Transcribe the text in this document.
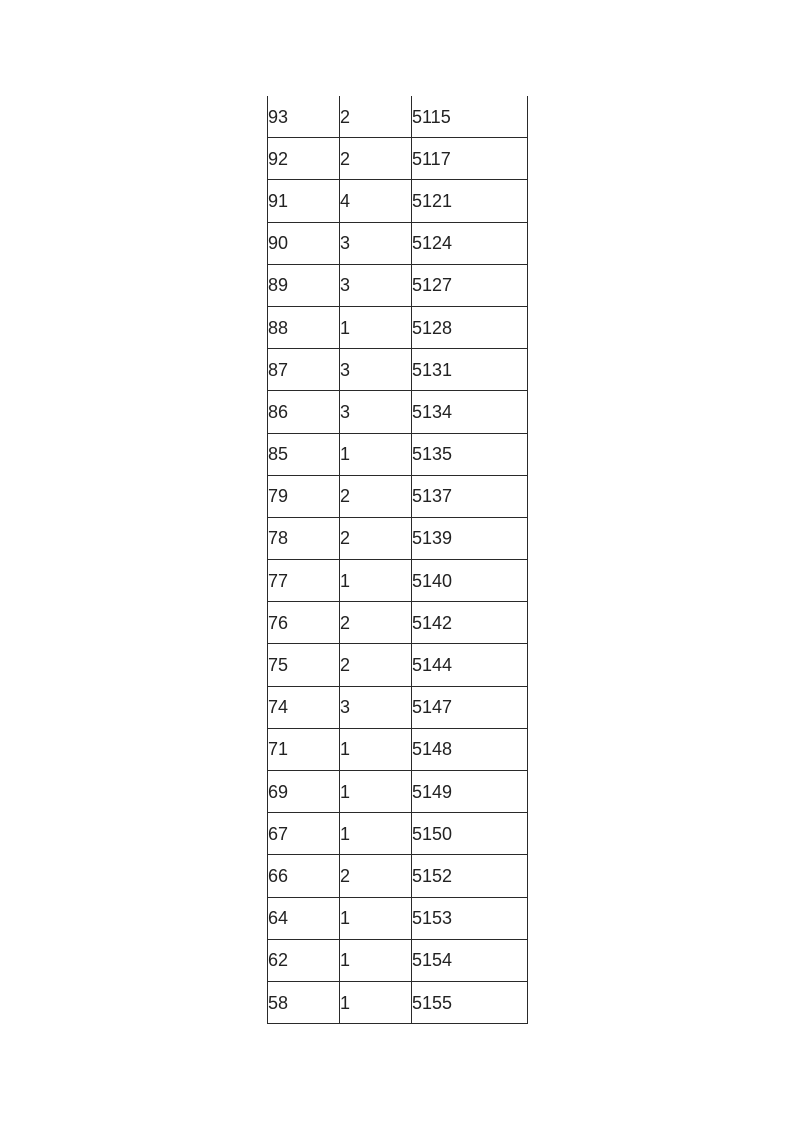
93	2	5115
92	2	5117
91	4	5121
90	3	5124
89	3	5127
88	1	5128
87	3	5131
86	3	5134
85	1	5135
79	2	5137
78	2	5139
77	1	5140
76	2	5142
75	2	5144
74	3	5147
71	1	5148
69	1	5149
67	1	5150
66	2	5152
64	1	5153
62	1	5154
58	1	5155
